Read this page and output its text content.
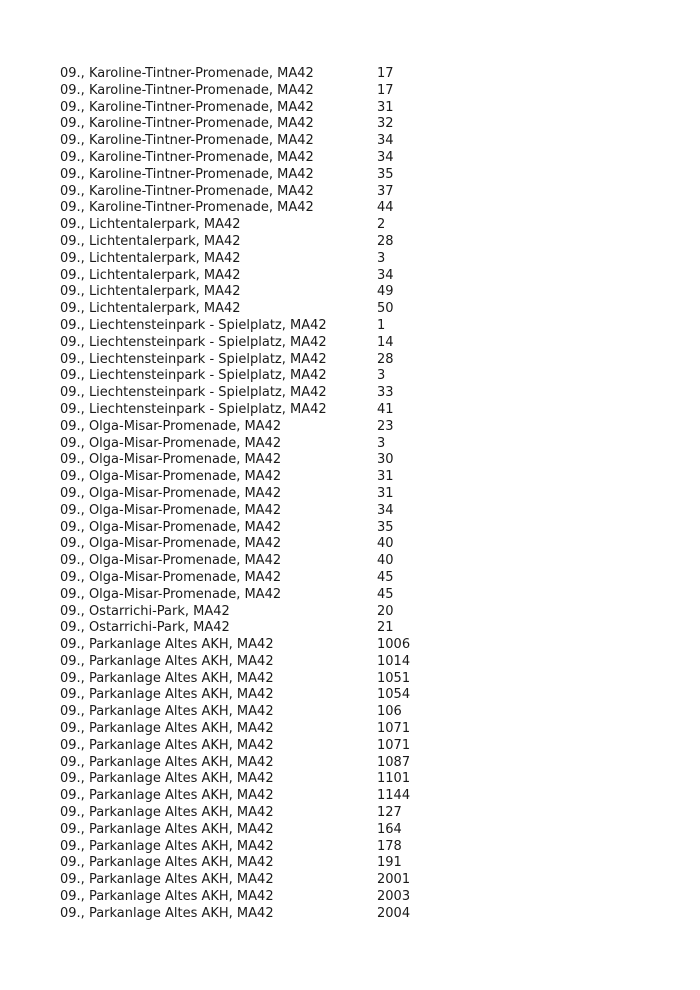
09., Karoline-Tintner-Promenade, MA42	17
09., Karoline-Tintner-Promenade, MA42	17
09., Karoline-Tintner-Promenade, MA42	31
09., Karoline-Tintner-Promenade, MA42	32
09., Karoline-Tintner-Promenade, MA42	34
09., Karoline-Tintner-Promenade, MA42	34
09., Karoline-Tintner-Promenade, MA42	35
09., Karoline-Tintner-Promenade, MA42	37
09., Karoline-Tintner-Promenade, MA42	44
09., Lichtentalerpark, MA42	2
09., Lichtentalerpark, MA42	28
09., Lichtentalerpark, MA42	3
09., Lichtentalerpark, MA42	34
09., Lichtentalerpark, MA42	49
09., Lichtentalerpark, MA42	50
09., Liechtensteinpark - Spielplatz, MA42	1
09., Liechtensteinpark - Spielplatz, MA42	14
09., Liechtensteinpark - Spielplatz, MA42	28
09., Liechtensteinpark - Spielplatz, MA42	3
09., Liechtensteinpark - Spielplatz, MA42	33
09., Liechtensteinpark - Spielplatz, MA42	41
09., Olga-Misar-Promenade, MA42	23
09., Olga-Misar-Promenade, MA42	3
09., Olga-Misar-Promenade, MA42	30
09., Olga-Misar-Promenade, MA42	31
09., Olga-Misar-Promenade, MA42	31
09., Olga-Misar-Promenade, MA42	34
09., Olga-Misar-Promenade, MA42	35
09., Olga-Misar-Promenade, MA42	40
09., Olga-Misar-Promenade, MA42	40
09., Olga-Misar-Promenade, MA42	45
09., Olga-Misar-Promenade, MA42	45
09., Ostarrichi-Park, MA42	20
09., Ostarrichi-Park, MA42	21
09., Parkanlage Altes AKH, MA42	1006
09., Parkanlage Altes AKH, MA42	1014
09., Parkanlage Altes AKH, MA42	1051
09., Parkanlage Altes AKH, MA42	1054
09., Parkanlage Altes AKH, MA42	106
09., Parkanlage Altes AKH, MA42	1071
09., Parkanlage Altes AKH, MA42	1071
09., Parkanlage Altes AKH, MA42	1087
09., Parkanlage Altes AKH, MA42	1101
09., Parkanlage Altes AKH, MA42	1144
09., Parkanlage Altes AKH, MA42	127
09., Parkanlage Altes AKH, MA42	164
09., Parkanlage Altes AKH, MA42	178
09., Parkanlage Altes AKH, MA42	191
09., Parkanlage Altes AKH, MA42	2001
09., Parkanlage Altes AKH, MA42	2003
09., Parkanlage Altes AKH, MA42	2004
